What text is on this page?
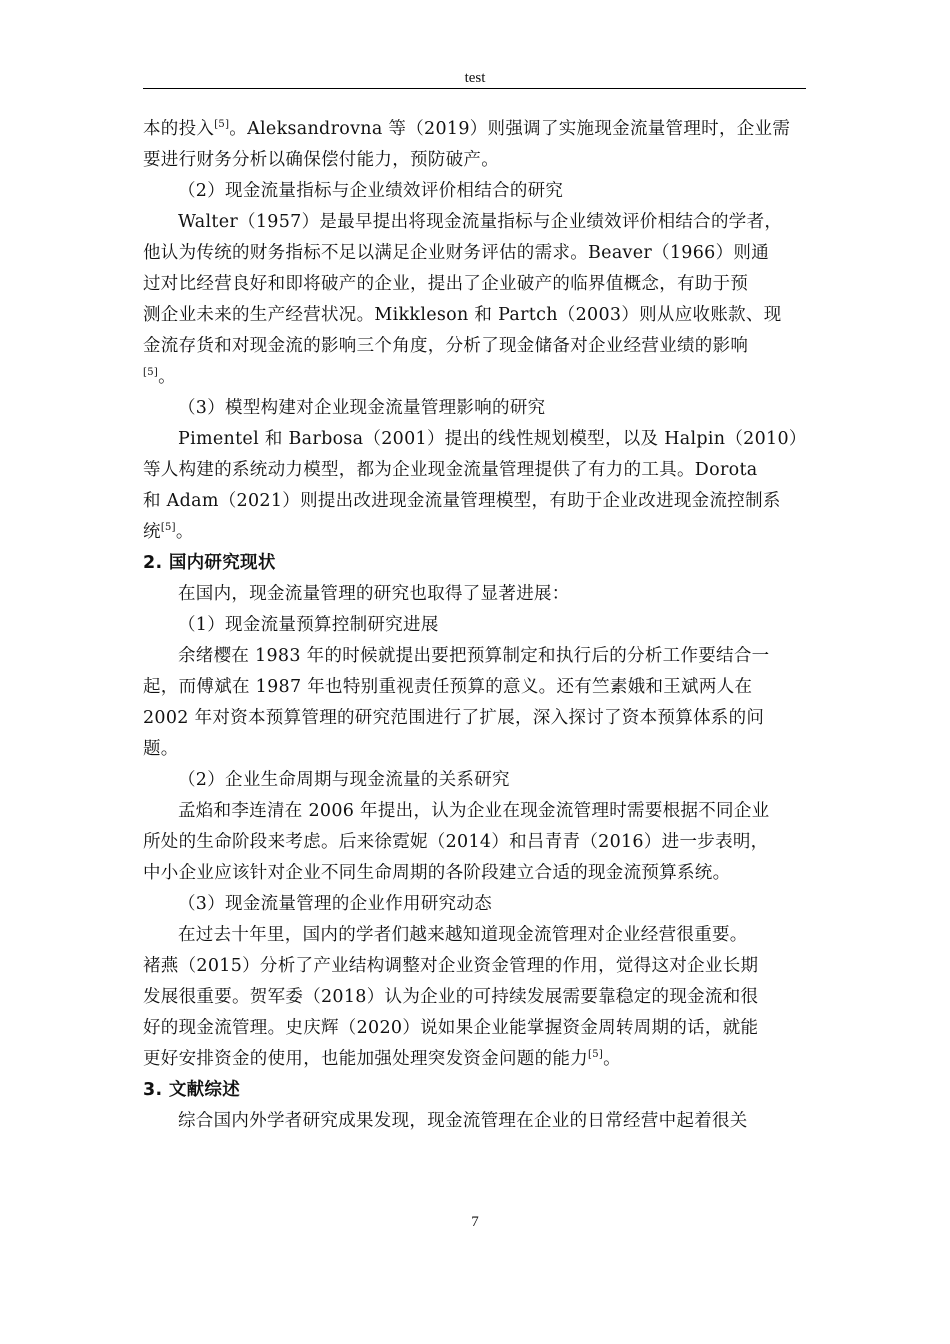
test

本的投入[5]。Aleksandrovna 等（2019）则强调了实施现金流量管理时，企业需

要进行财务分析以确保偿付能力，预防破产。

（2）现金流量指标与企业绩效评价相结合的研究

Walter（1957）是最早提出将现金流量指标与企业绩效评价相结合的学者，

他认为传统的财务指标不足以满足企业财务评估的需求。Beaver（1966）则通

过对比经营良好和即将破产的企业，提出了企业破产的临界值概念，有助于预

测企业未来的生产经营状况。Mikkleson 和 Partch（2003）则从应收账款、现

金流存货和对现金流的影响三个角度，分析了现金储备对企业经营业绩的影响

[5]。

（3）模型构建对企业现金流量管理影响的研究

Pimentel 和 Barbosa（2001）提出的线性规划模型，以及 Halpin（2010）

等人构建的系统动力模型，都为企业现金流量管理提供了有力的工具。Dorota

和 Adam（2021）则提出改进现金流量管理模型，有助于企业改进现金流控制系

统[5]。

2. 国内研究现状

在国内，现金流量管理的研究也取得了显著进展：

（1）现金流量预算控制研究进展

余绪樱在 1983 年的时候就提出要把预算制定和执行后的分析工作要结合一

起，而傅斌在 1987 年也特别重视责任预算的意义。还有竺素娥和王斌两人在

2002 年对资本预算管理的研究范围进行了扩展，深入探讨了资本预算体系的问

题。

（2）企业生命周期与现金流量的关系研究

孟焰和李连清在 2006 年提出，认为企业在现金流管理时需要根据不同企业

所处的生命阶段来考虑。后来徐霓妮（2014）和吕青青（2016）进一步表明，

中小企业应该针对企业不同生命周期的各阶段建立合适的现金流预算系统。

（3）现金流量管理的企业作用研究动态

在过去十年里，国内的学者们越来越知道现金流管理对企业经营很重要。

褚燕（2015）分析了产业结构调整对企业资金管理的作用，觉得这对企业长期

发展很重要。贺军委（2018）认为企业的可持续发展需要靠稳定的现金流和很

好的现金流管理。史庆辉（2020）说如果企业能掌握资金周转周期的话，就能

更好安排资金的使用，也能加强处理突发资金问题的能力[5]。

3. 文献综述

综合国内外学者研究成果发现，现金流管理在企业的日常经营中起着很关

7
